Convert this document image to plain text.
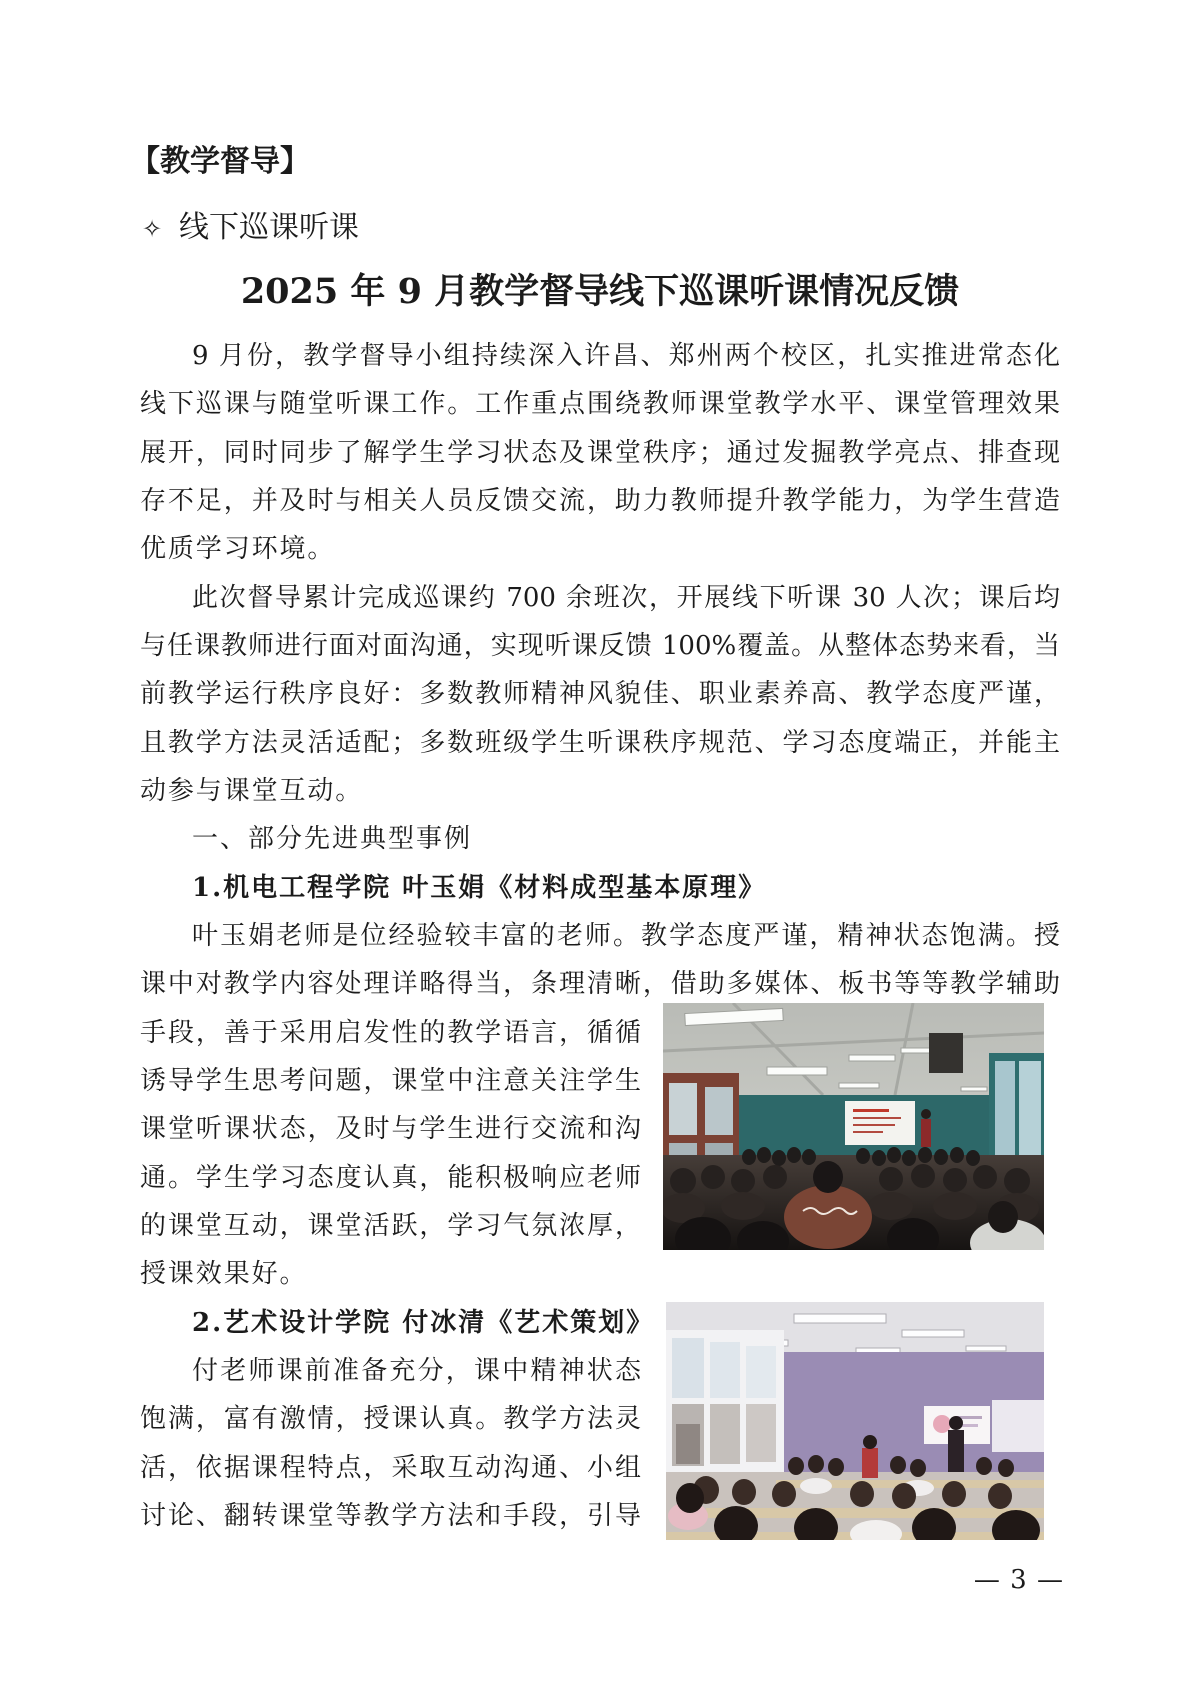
【教学督导】
✧ 线下巡课听课
2025 年 9 月教学督导线下巡课听课情况反馈
9 月份，教学督导小组持续深入许昌、郑州两个校区，扎实推进常态化
线下巡课与随堂听课工作。工作重点围绕教师课堂教学水平、课堂管理效果
展开，同时同步了解学生学习状态及课堂秩序；通过发掘教学亮点、排查现
存不足，并及时与相关人员反馈交流，助力教师提升教学能力，为学生营造
优质学习环境。
此次督导累计完成巡课约 700 余班次，开展线下听课 30 人次；课后均
与任课教师进行面对面沟通，实现听课反馈 100%覆盖。从整体态势来看，当
前教学运行秩序良好：多数教师精神风貌佳、职业素养高、教学态度严谨，
且教学方法灵活适配；多数班级学生听课秩序规范、学习态度端正，并能主
动参与课堂互动。
一、部分先进典型事例
1.机电工程学院 叶玉娟《材料成型基本原理》
叶玉娟老师是位经验较丰富的老师。教学态度严谨，精神状态饱满。授
课中对教学内容处理详略得当，条理清晰，借助多媒体、板书等等教学辅助
手段，善于采用启发性的教学语言，循循
诱导学生思考问题，课堂中注意关注学生
课堂听课状态，及时与学生进行交流和沟
通。学生学习态度认真，能积极响应老师
的课堂互动，课堂活跃，学习气氛浓厚，
授课效果好。
2.艺术设计学院 付冰清《艺术策划》
付老师课前准备充分，课中精神状态
饱满，富有激情，授课认真。教学方法灵
活，依据课程特点，采取互动沟通、小组
讨论、翻转课堂等教学方法和手段，引导
— 3 —
